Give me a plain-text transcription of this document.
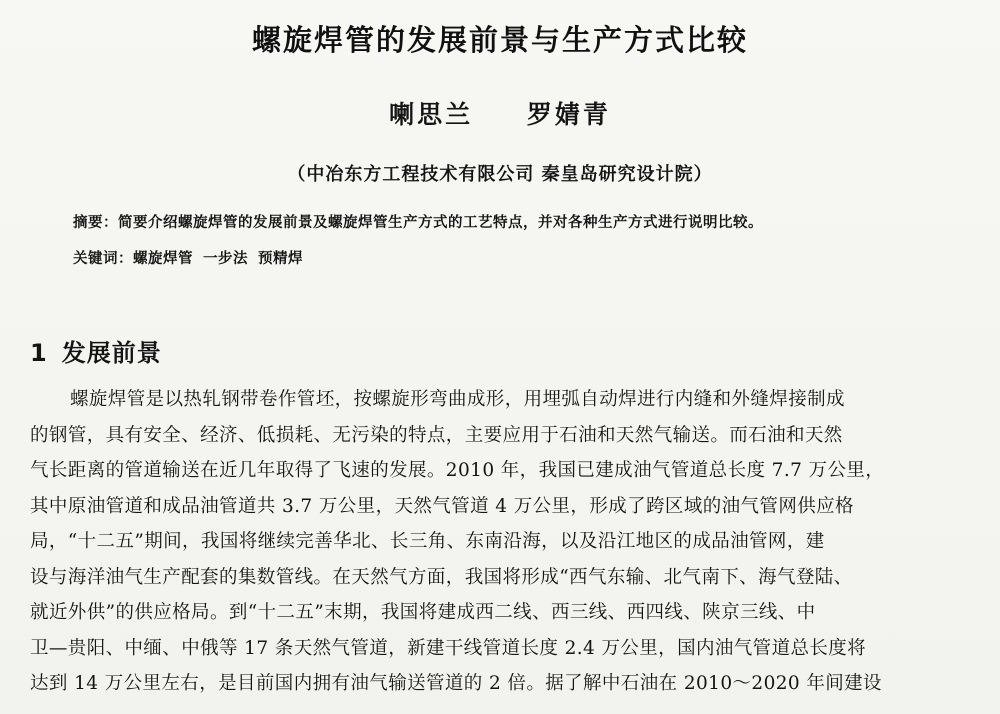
螺旋焊管的发展前景与生产方式比较
喇思兰 罗婧青
（中冶东方工程技术有限公司 秦皇岛研究设计院）
摘要：简要介绍螺旋焊管的发展前景及螺旋焊管生产方式的工艺特点，并对各种生产方式进行说明比较。
关键词：螺旋焊管 一步法 预精焊
1 发展前景
螺旋焊管是以热轧钢带卷作管坯，按螺旋形弯曲成形，用埋弧自动焊进行内缝和外缝焊接制成
的钢管，具有安全、经济、低损耗、无污染的特点，主要应用于石油和天然气输送。而石油和天然
气长距离的管道输送在近几年取得了飞速的发展。2010 年，我国已建成油气管道总长度 7.7 万公里，
其中原油管道和成品油管道共 3.7 万公里，天然气管道 4 万公里，形成了跨区域的油气管网供应格
局，“十二五”期间，我国将继续完善华北、长三角、东南沿海，以及沿江地区的成品油管网，建
设与海洋油气生产配套的集数管线。在天然气方面，我国将形成“西气东输、北气南下、海气登陆、
就近外供”的供应格局。到“十二五”末期，我国将建成西二线、西三线、西四线、陕京三线、中
卫—贵阳、中缅、中俄等 17 条天然气管道，新建干线管道长度 2.4 万公里，国内油气管道总长度将
达到 14 万公里左右，是目前国内拥有油气输送管道的 2 倍。据了解中石油在 2010～2020 年间建设
